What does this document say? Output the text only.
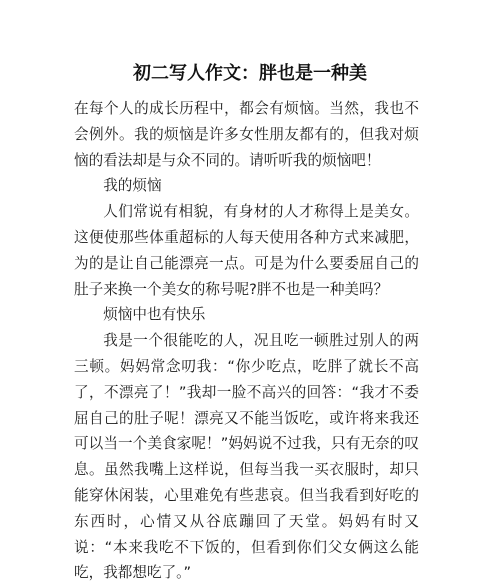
初二写人作文：胖也是一种美

在每个人的成长历程中，都会有烦恼。当然，我也不会例外。我的烦恼是许多女性朋友都有的，但我对烦恼的看法却是与众不同的。请听听我的烦恼吧！

我的烦恼

人们常说有相貌，有身材的人才称得上是美女。这便使那些体重超标的人每天使用各种方式来减肥，为的是让自己能漂亮一点。可是为什么要委屈自己的肚子来换一个美女的称号呢?胖不也是一种美吗？

烦恼中也有快乐

我是一个很能吃的人，况且吃一顿胜过别人的两三顿。妈妈常念叨我：“你少吃点，吃胖了就长不高了，不漂亮了！”我却一脸不高兴的回答：“我才不委屈自己的肚子呢！漂亮又不能当饭吃，或许将来我还可以当一个美食家呢！”妈妈说不过我，只有无奈的叹息。虽然我嘴上这样说，但每当我一买衣服时，却只能穿休闲装，心里难免有些悲哀。但当我看到好吃的东西时，心情又从谷底蹦回了天堂。妈妈有时又说：“本来我吃不下饭的，但看到你们父女俩这么能吃，我都想吃了。”
